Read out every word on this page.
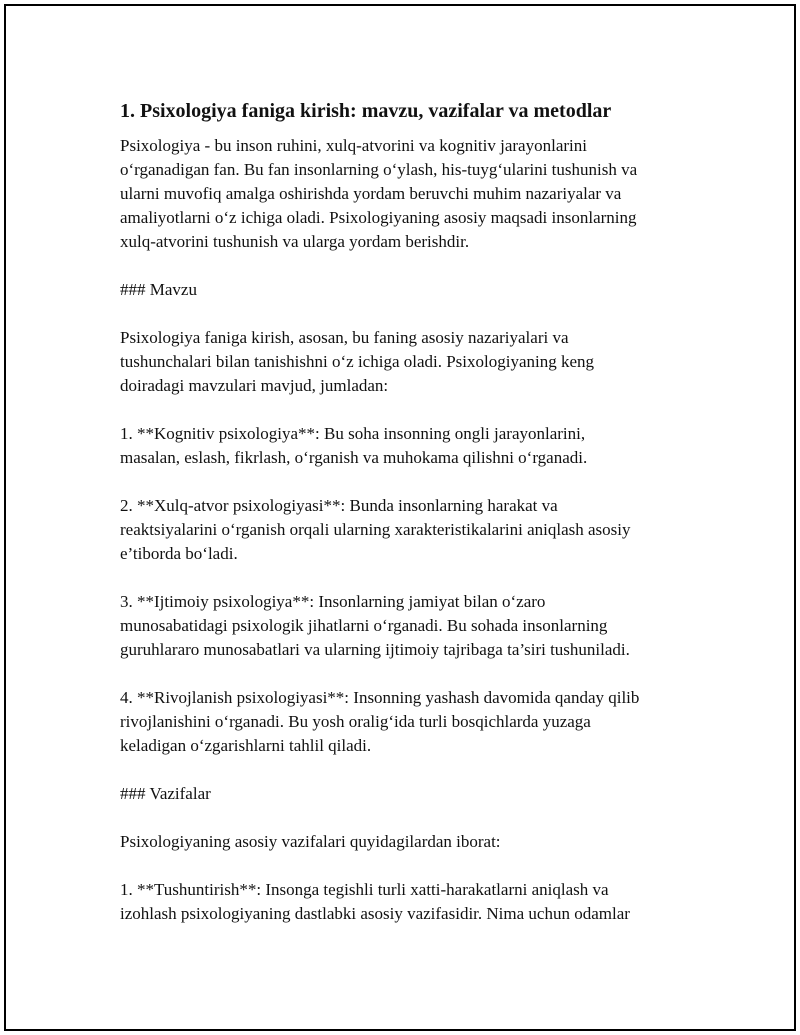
1. Psixologiya faniga kirish: mavzu, vazifalar va metodlar

Psixologiya - bu inson ruhini, xulq-atvorini va kognitiv jarayonlarini
o‘rganadigan fan. Bu fan insonlarning o‘ylash, his-tuyg‘ularini tushunish va
ularni muvofiq amalga oshirishda yordam beruvchi muhim nazariyalar va
amaliyotlarni o‘z ichiga oladi. Psixologiyaning asosiy maqsadi insonlarning
xulq-atvorini tushunish va ularga yordam berishdir.

### Mavzu

Psixologiya faniga kirish, asosan, bu faning asosiy nazariyalari va
tushunchalari bilan tanishishni o‘z ichiga oladi. Psixologiyaning keng
doiradagi mavzulari mavjud, jumladan:

1. **Kognitiv psixologiya**: Bu soha insonning ongli jarayonlarini,
masalan, eslash, fikrlash, o‘rganish va muhokama qilishni o‘rganadi.

2. **Xulq-atvor psixologiyasi**: Bunda insonlarning harakat va
reaktsiyalarini o‘rganish orqali ularning xarakteristikalarini aniqlash asosiy
e’tiborda bo‘ladi.

3. **Ijtimoiy psixologiya**: Insonlarning jamiyat bilan o‘zaro
munosabatidagi psixologik jihatlarni o‘rganadi. Bu sohada insonlarning
guruhlararo munosabatlari va ularning ijtimoiy tajribaga ta’siri tushuniladi.

4. **Rivojlanish psixologiyasi**: Insonning yashash davomida qanday qilib
rivojlanishini o‘rganadi. Bu yosh oralig‘ida turli bosqichlarda yuzaga
keladigan o‘zgarishlarni tahlil qiladi.

### Vazifalar

Psixologiyaning asosiy vazifalari quyidagilardan iborat:

1. **Tushuntirish**: Insonga tegishli turli xatti-harakatlarni aniqlash va
izohlash psixologiyaning dastlabki asosiy vazifasidir. Nima uchun odamlar
